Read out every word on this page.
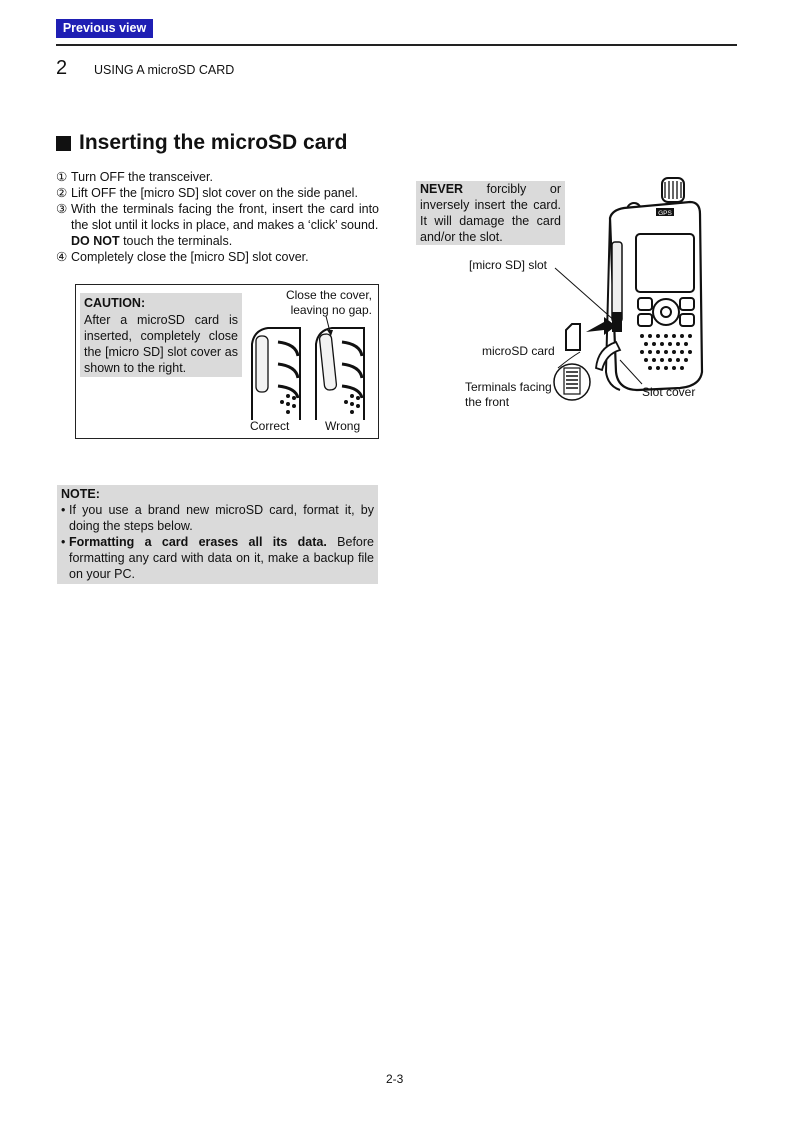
Previous view
2 USING A microSD CARD
Inserting the microSD card
① Turn OFF the transceiver.
② Lift OFF the [micro SD] slot cover on the side panel.
③ With the terminals facing the front, insert the card into the slot until it locks in place, and makes a ‘click’ sound.
DO NOT touch the terminals.
④ Completely close the [micro SD] slot cover.
CAUTION:
After a microSD card is inserted, completely close the [micro SD] slot cover as shown to the right.
Close the cover,
leaving no gap.
Correct	Wrong
NEVER forcibly or inversely insert the card. It will damage the card and/or the slot.
GPS
[micro SD] slot
microSD card
Terminals facing
the front
Slot cover
NOTE:
• If you use a brand new microSD card, format it, by doing the steps below.
• Formatting a card erases all its data. Before formatting any card with data on it, make a backup file on your PC.
2-3
